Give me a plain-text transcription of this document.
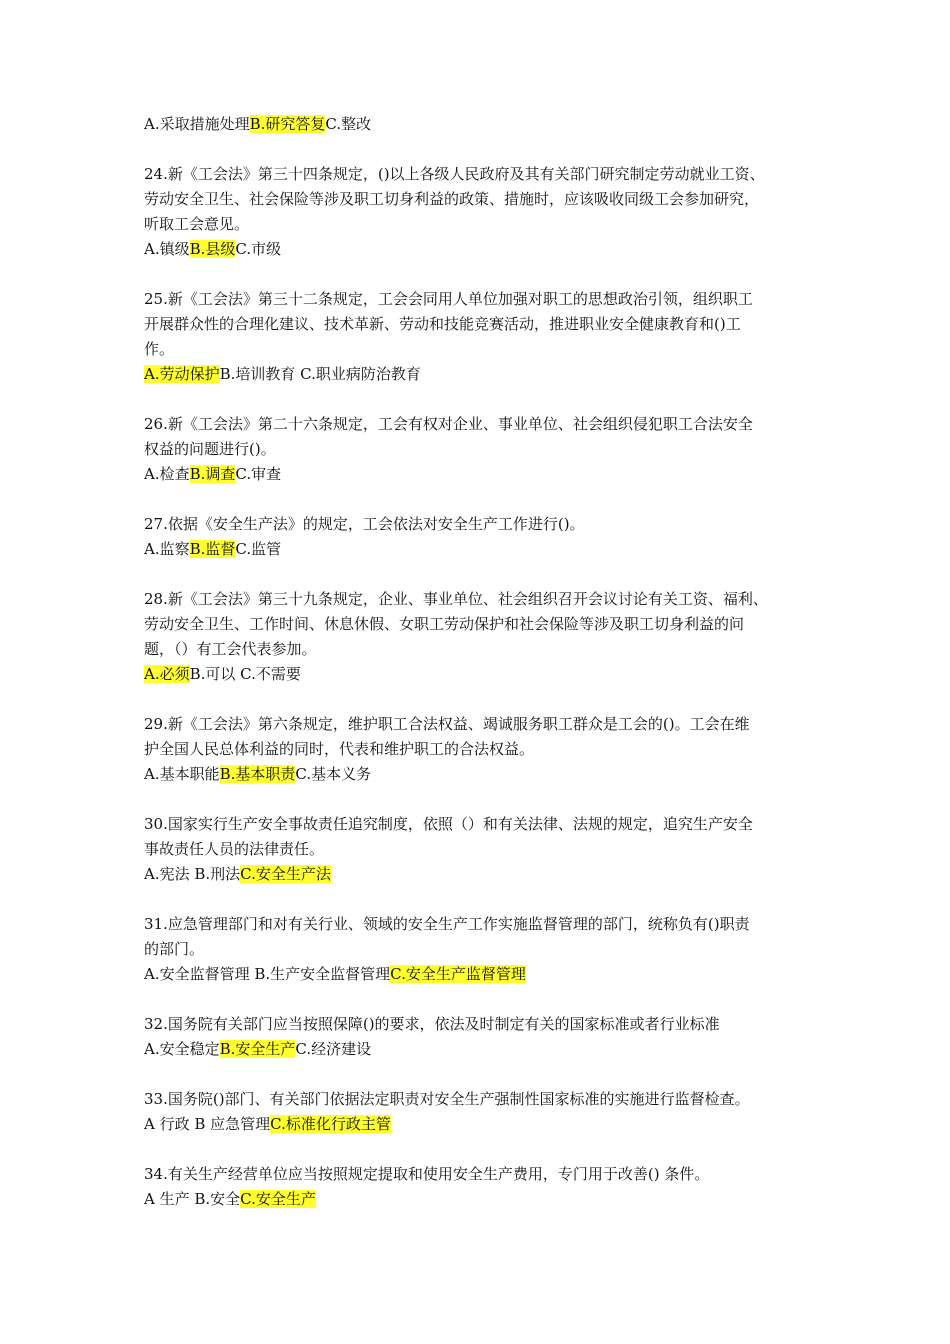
A.采取措施处理B.研究答复C.整改
24.新《工会法》第三十四条规定，()以上各级人民政府及其有关部门研究制定劳动就业工资、
劳动安全卫生、社会保险等涉及职工切身利益的政策、措施时，应该吸收同级工会参加研究，
听取工会意见。
A.镇级B.县级C.市级
25.新《工会法》第三十二条规定，工会会同用人单位加强对职工的思想政治引领，组织职工
开展群众性的合理化建议、技术革新、劳动和技能竞赛活动，推进职业安全健康教育和()工
作。
A.劳动保护B.培训教育 C.职业病防治教育
26.新《工会法》第二十六条规定，工会有权对企业、事业单位、社会组织侵犯职工合法安全
权益的问题进行()。
A.检查B.调查C.审查
27.依据《安全生产法》的规定，工会依法对安全生产工作进行()。
A.监察B.监督C.监管
28.新《工会法》第三十九条规定，企业、事业单位、社会组织召开会议讨论有关工资、福利、
劳动安全卫生、工作时间、休息休假、女职工劳动保护和社会保险等涉及职工切身利益的问
题，（）有工会代表参加。
A.必须B.可以 C.不需要
29.新《工会法》第六条规定，维护职工合法权益、竭诚服务职工群众是工会的()。工会在维
护全国人民总体利益的同时，代表和维护职工的合法权益。
A.基本职能B.基本职责C.基本义务
30.国家实行生产安全事故责任追究制度，依照（）和有关法律、法规的规定，追究生产安全
事故责任人员的法律责任。
A.宪法 B.刑法C.安全生产法
31.应急管理部门和对有关行业、领域的安全生产工作实施监督管理的部门，统称负有()职责
的部门。
A.安全监督管理 B.生产安全监督管理C.安全生产监督管理
32.国务院有关部门应当按照保障()的要求，依法及时制定有关的国家标准或者行业标准
A.安全稳定B.安全生产C.经济建设
33.国务院()部门、有关部门依据法定职责对安全生产强制性国家标准的实施进行监督检查。
A 行政 B 应急管理C.标准化行政主管
34.有关生产经营单位应当按照规定提取和使用安全生产费用，专门用于改善() 条件。
A 生产 B.安全C.安全生产
